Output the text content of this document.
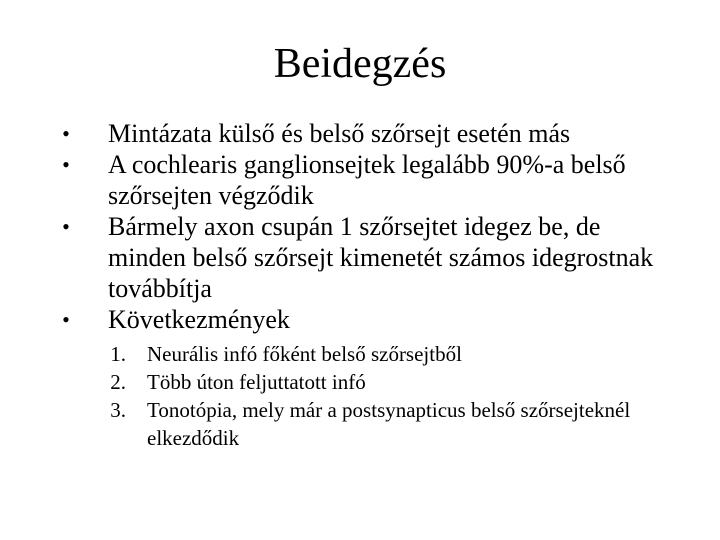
Beidegzés
• Mintázata külső és belső szőrsejt esetén más
• A cochlearis ganglionsejtek legalább 90%-a belső szőrsejten végződik
• Bármely axon csupán 1 szőrsejtet idegez be, de minden belső szőrsejt kimenetét számos idegrostnak továbbítja
• Következmények
1. Neurális infó főként belső szőrsejtből
2. Több úton feljuttatott infó
3. Tonotópia, mely már a postsynapticus belső szőrsejteknél elkezdődik
